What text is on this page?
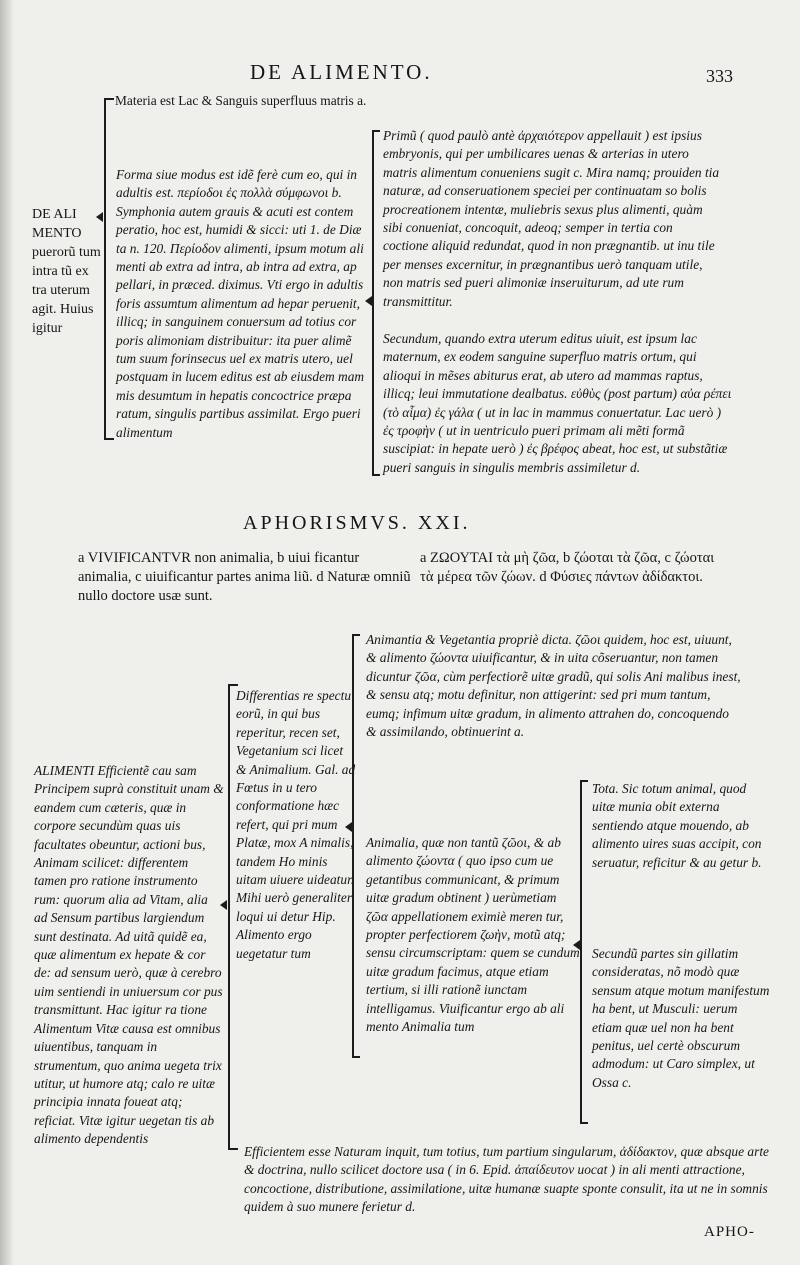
DE ALIMENTO.	333
DE ALI MENTO puerorũ tum intra tũ ex tra uterum agit. Huius igitur
Materia est Lac & Sanguis superfluus matris a.
Forma siue modus est idẽ ferè cum eo, qui in adultis est. περίοδοι ἐς πολλὰ σύμφωνοι b. Symphonia autem grauis & acuti est contem peratio, hoc est, humidi & sicci: uti 1. de Diæ ta n. 120. Περίοδον alimenti, ipsum motum ali menti ab extra ad intra, ab intra ad extra, ap pellari, in præced. diximus. Vti ergo in adultis foris assumtum alimentum ad hepar peruenit, illicq; in sanguinem conuersum ad totius cor poris alimoniam distribuitur: ita puer alimẽ tum suum forinsecus uel ex matris utero, uel postquam in lucem editus est ab eiusdem mam mis desumtum in hepatis concoctrice præpa ratum, singulis partibus assimilat. Ergo pueri alimentum
Primũ ( quod paulò antè ἀρχαιότερον appellauit ) est ipsius embryonis, qui per umbilicares uenas & arterias in utero matris alimentum conueniens sugit c. Mira namq; prouiden tia naturæ, ad conseruationem speciei per continuatam so bolis procreationem intentæ, muliebris sexus plus alimenti, quàm sibi conueniat, concoquit, adeoq; semper in tertia con coctione aliquid redundat, quod in non prægnantib. ut inu tile per menses excernitur, in prægnantibus uerò tanquam utile, non matris sed pueri alimoniæ inseruiturum, ad ute rum transmittitur.
Secundum, quando extra uterum editus uiuit, est ipsum lac maternum, ex eodem sanguine superfluo matris ortum, qui alioqui in mẽses abiturus erat, ab utero ad mammas raptus, illicq; leui immutatione dealbatus. εὐθὺς (post partum) αὐα ρέπει (τὸ αἷμα) ἐς γάλα ( ut in lac in mammus conuertatur. Lac uerò ) ἐς τροφὴν ( ut in uentriculo pueri primam ali mẽti formã suscipiat: in hepate uerò ) ἐς βρέφος abeat, hoc est, ut substãtiæ pueri sanguis in singulis membris assimiletur d.
APHORISMVS. XXI.
a VIVIFICANTVR non animalia, b uiui ficantur animalia, c uiuificantur partes anima liũ. d Naturæ omniũ nullo doctore usæ sunt.
a ΖΩΟΥΤΑΙ τὰ μὴ ζῶα, b ζώοται τὰ ζῶα, c ζώοται τὰ μέρεα τῶν ζώων. d Φύσιες πάντων ἀδίδακτοι.
ALIMENTI Efficientẽ cau sam Principem suprà constituit unam & eandem cum cæteris, quæ in corpore secundùm quas uis facultates obeuntur, actioni bus, Animam scilicet: differentem tamen pro ratione instrumento rum: quorum alia ad Vitam, alia ad Sensum partibus largiendum sunt destinata. Ad uitã quidẽ ea, quæ alimentum ex hepate & cor de: ad sensum uerò, quæ à cerebro uim sentiendi in uniuersum cor pus transmittunt. Hac igitur ra tione Alimentum Vitæ causa est omnibus uiuentibus, tanquam in strumentum, quo anima uegeta trix utitur, ut humore atq; calo re uitæ principia innata foueat atq; reficiat. Vitæ igitur uegetan tis ab alimento dependentis
Differentias re spectu eorũ, in qui bus reperitur, recen set, Vegetanium sci licet & Animalium. Gal. ad Fœtus in u tero conformatione hæc refert, qui pri mum Platæ, mox A nimalis, tandem Ho minis uitam uiuere uideatur. Mihi uerò generaliter loqui ui detur Hip. Alimento ergo uegetatur tum
Animantia & Vegetantia propriè dicta. ζῶοι quidem, hoc est, uiuunt, & alimento ζώοντα uiuificantur, & in uita cõseruantur, non tamen dicuntur ζῶα, cùm perfectiorẽ uitæ gradũ, qui solis Ani malibus inest, & sensu atq; motu definitur, non attigerint: sed pri mum tantum, eumq; infimum uitæ gradum, in alimento attrahen do, concoquendo & assimilando, obtinuerint a.
Animalia, quæ non tantũ ζῶοι, & ab alimento ζώοντα ( quo ipso cum ue getantibus communicant, & primum uitæ gradum obtinent ) uerùmetiam ζῶα appellationem eximiè meren tur, propter perfectiorem ζωὴν, motũ atq; sensu circumscriptam: quem se cundum uitæ gradum facimus, atque etiam tertium, si illi rationẽ iunctam intelligamus. Viuificantur ergo ab ali mento Animalia tum
Tota. Sic totum animal, quod uitæ munia obit externa sentiendo atque mouendo, ab alimento uires suas accipit, con seruatur, reficitur & au getur b.
Secundũ partes sin gillatim consideratas, nõ modò quæ sensum atque motum manifestum ha bent, ut Musculi: uerum etiam quæ uel non ha bent penitus, uel certè obscurum admodum: ut Caro simplex, ut Ossa c.
Efficientem esse Naturam inquit, tum totius, tum partium singularum, ἀδίδακτον, quæ absque arte & doctrina, nullo scilicet doctore usa ( in 6. Epid. ἀπαίδευτον uocat ) in ali menti attractione, concoctione, distributione, assimilatione, uitæ humanæ suapte sponte consulit, ita ut ne in somnis quidem à suo munere ferietur d.
APHO-
